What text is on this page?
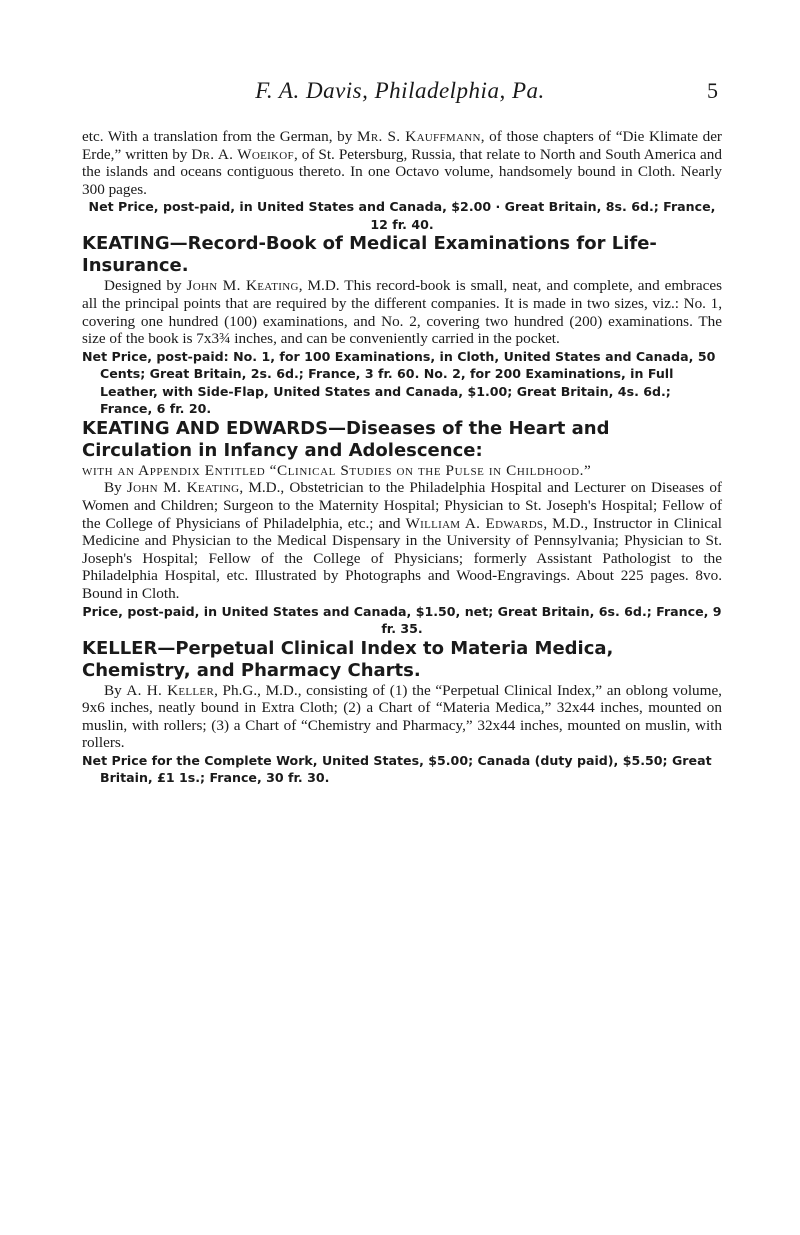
F. A. Davis, Philadelphia, Pa.	5

etc. With a translation from the German, by Mr. S. Kauffmann, of those chapters of “Die Klimate der Erde,” written by Dr. A. Woeikof, of St. Petersburg, Russia, that relate to North and South America and the islands and oceans contiguous thereto. In one Octavo volume, handsomely bound in Cloth. Nearly 300 pages.

Net Price, post-paid, in United States and Canada, $2.00 · Great Britain, 8s. 6d.; France, 12 fr. 40.

KEATING—Record-Book of Medical Examinations for Life-Insurance.

Designed by John M. Keating, M.D. This record-book is small, neat, and complete, and embraces all the principal points that are required by the different companies. It is made in two sizes, viz.: No. 1, covering one hundred (100) examinations, and No. 2, covering two hundred (200) examinations. The size of the book is 7x3¾ inches, and can be conveniently carried in the pocket.

Net Price, post-paid: No. 1, for 100 Examinations, in Cloth, United States and Canada, 50 Cents; Great Britain, 2s. 6d.; France, 3 fr. 60. No. 2, for 200 Examinations, in Full Leather, with Side-Flap, United States and Canada, $1.00; Great Britain, 4s. 6d.; France, 6 fr. 20.

KEATING AND EDWARDS—Diseases of the Heart and Circulation in Infancy and Adolescence:

with an Appendix Entitled “Clinical Studies on the Pulse in Childhood.”

By John M. Keating, M.D., Obstetrician to the Philadelphia Hospital and Lecturer on Diseases of Women and Children; Surgeon to the Maternity Hospital; Physician to St. Joseph's Hospital; Fellow of the College of Physicians of Philadelphia, etc.; and William A. Edwards, M.D., Instructor in Clinical Medicine and Physician to the Medical Dispensary in the University of Pennsylvania; Physician to St. Joseph's Hospital; Fellow of the College of Physicians; formerly Assistant Pathologist to the Philadelphia Hospital, etc. Illustrated by Photographs and Wood-Engravings. About 225 pages. 8vo. Bound in Cloth.

Price, post-paid, in United States and Canada, $1.50, net; Great Britain, 6s. 6d.; France, 9 fr. 35.

KELLER—Perpetual Clinical Index to Materia Medica, Chemistry, and Pharmacy Charts.

By A. H. Keller, Ph.G., M.D., consisting of (1) the “Perpetual Clinical Index,” an oblong volume, 9x6 inches, neatly bound in Extra Cloth; (2) a Chart of “Materia Medica,” 32x44 inches, mounted on muslin, with rollers; (3) a Chart of “Chemistry and Pharmacy,” 32x44 inches, mounted on muslin, with rollers.

Net Price for the Complete Work, United States, $5.00; Canada (duty paid), $5.50; Great Britain, £1 1s.; France, 30 fr. 30.
